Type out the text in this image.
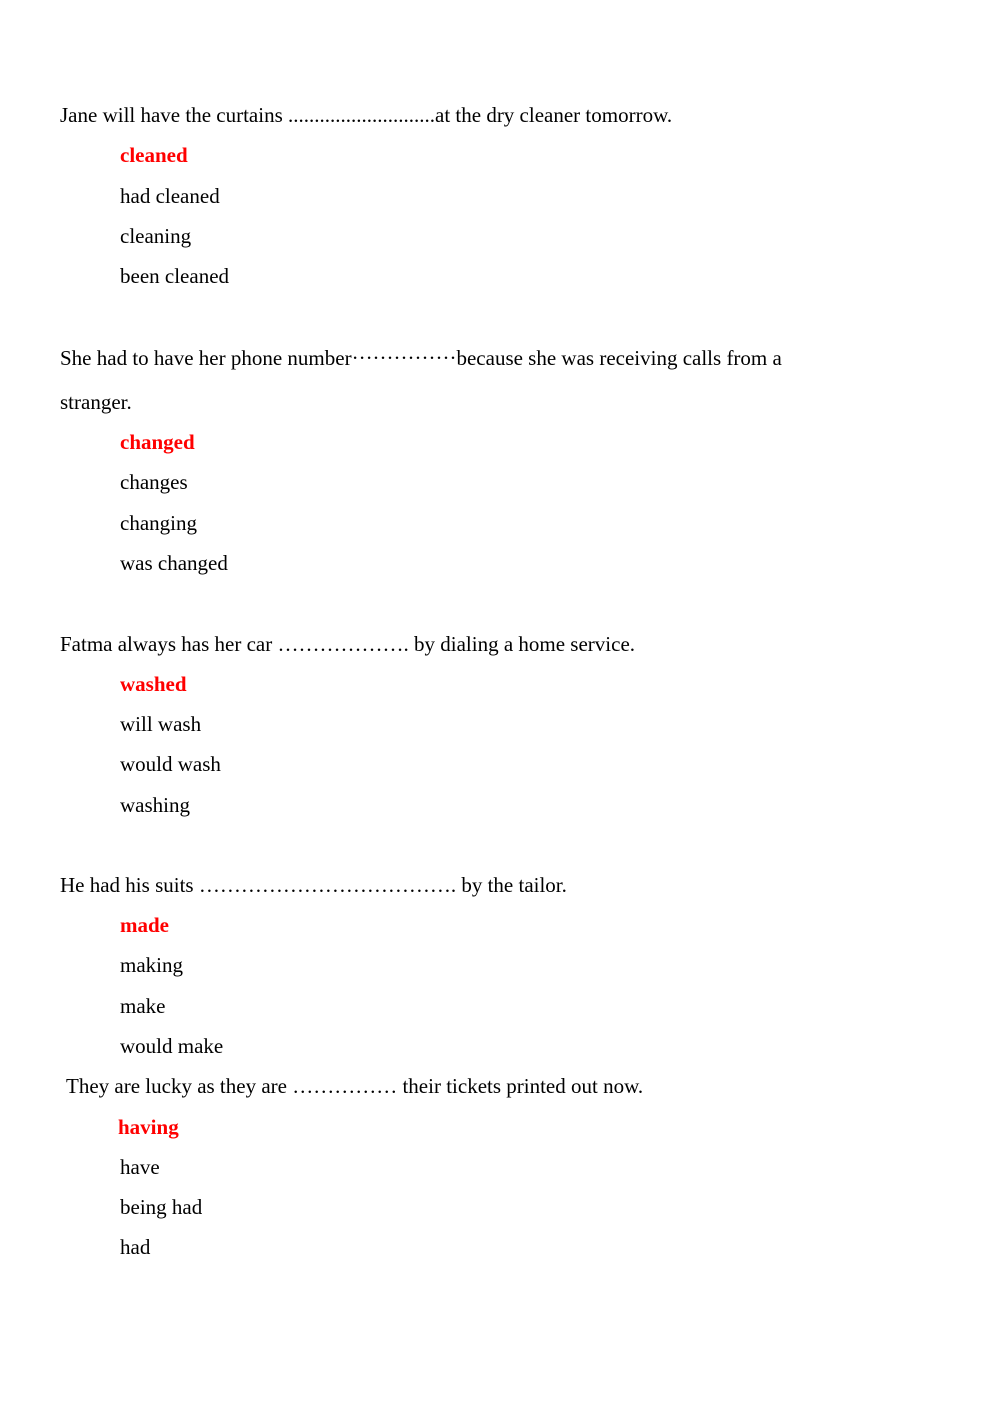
Jane will have the curtains ............................at the dry cleaner tomorrow.
cleaned
had cleaned
cleaning
been cleaned
She had to have her phone number···············because she was receiving calls from a
stranger.
changed
changes
changing
was changed
Fatma always has her car ………………. by dialing a home service.
washed
will wash
would wash
washing
He had his suits ………………………………. by the tailor.
made
making
make
would make
They are lucky as they are …………… their tickets printed out now.
having
have
being had
had
